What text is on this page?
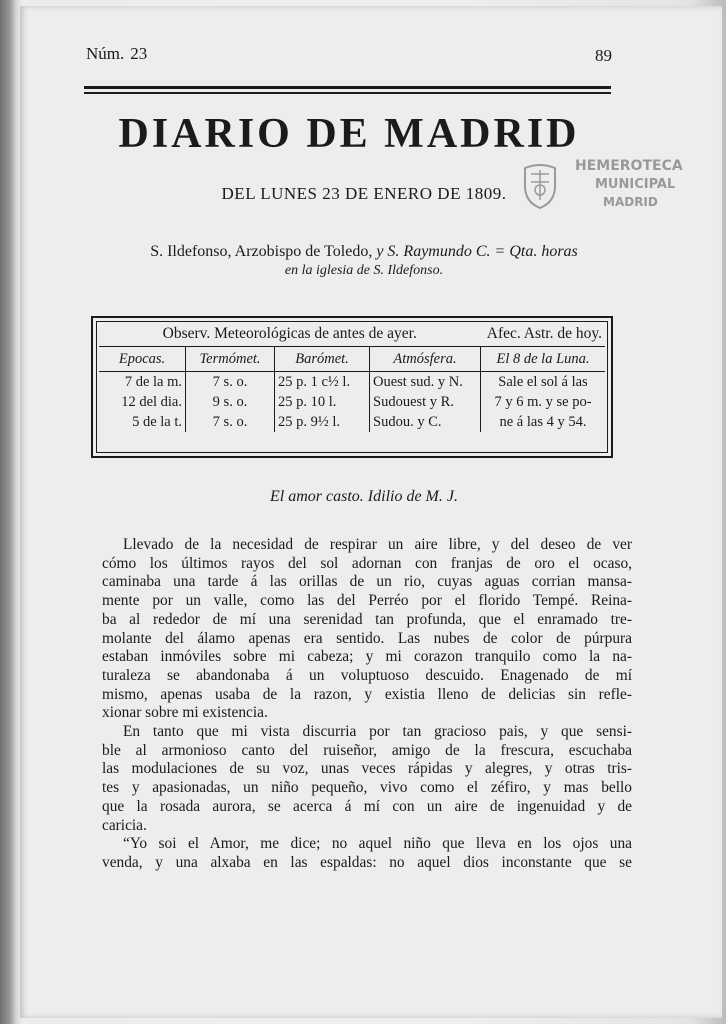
Núm. 23	89
DIARIO DE MADRID
DEL LUNES 23 DE ENERO DE 1809.
HEMEROTECA
MUNICIPAL
MADRID
S. Ildefonso, Arzobispo de Toledo, y S. Raymundo C. = Qta. horas
en la iglesia de S. Ildefonso.
Observ. Meteorológicas de antes de ayer.				Afec. Astr. de hoy.
Epocas.	Termómet.	Barómet.	Atmósfera.	El 8 de la Luna.
7 de la m.	7 s. o.	25 p. 1 c½ l.	Ouest sud. y N.	Sale el sol á las
12 del dia.	9 s. o.	25 p. 10 l.	Sudouest y R.	7 y 6 m. y se po-
5 de la t.	7 s. o.	25 p. 9½ l.	Sudou. y C.	ne á las 4 y 54.
El amor casto. Idilio de M. J.
Llevado de la necesidad de respirar un aire libre, y del deseo de ver
cómo los últimos rayos del sol adornan con franjas de oro el ocaso,
caminaba una tarde á las orillas de un rio, cuyas aguas corrian mansa-
mente por un valle, como las del Perréo por el florido Tempé. Reina-
ba al rededor de mí una serenidad tan profunda, que el enramado tre-
molante del álamo apenas era sentido. Las nubes de color de púrpura
estaban inmóviles sobre mi cabeza; y mi corazon tranquilo como la na-
turaleza se abandonaba á un voluptuoso descuido. Enagenado de mí
mismo, apenas usaba de la razon, y existia lleno de delicias sin refle-
xionar sobre mi existencia.
En tanto que mi vista discurria por tan gracioso pais, y que sensi-
ble al armonioso canto del ruiseñor, amigo de la frescura, escuchaba
las modulaciones de su voz, unas veces rápidas y alegres, y otras tris-
tes y apasionadas, un niño pequeño, vivo como el zéfiro, y mas bello
que la rosada aurora, se acerca á mí con un aire de ingenuidad y de
caricia.
“Yo soi el Amor, me dice; no aquel niño que lleva en los ojos una
venda, y una alxaba en las espaldas: no aquel dios inconstante que se
